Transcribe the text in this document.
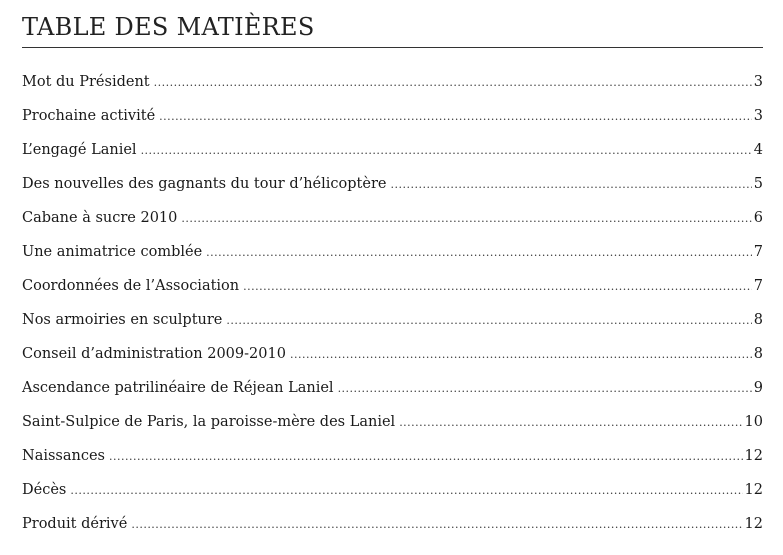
TABLE DES MATIÈRES
Mot du Président .....	3
Prochaine activité .....	3
L’engagé Laniel .....	4
Des nouvelles des gagnants du tour d’hélicoptère .....	5
Cabane à sucre 2010 .....	6
Une animatrice comblée .....	7
Coordonnées de l’Association .....	7
Nos armoiries en sculpture .....	8
Conseil d’administration 2009-2010 .....	8
Ascendance patrilinéaire de Réjean Laniel .....	9
Saint-Sulpice de Paris, la paroisse-mère des Laniel .....	10
Naissances .....	12
Décès .....	12
Produit dérivé .....	12
